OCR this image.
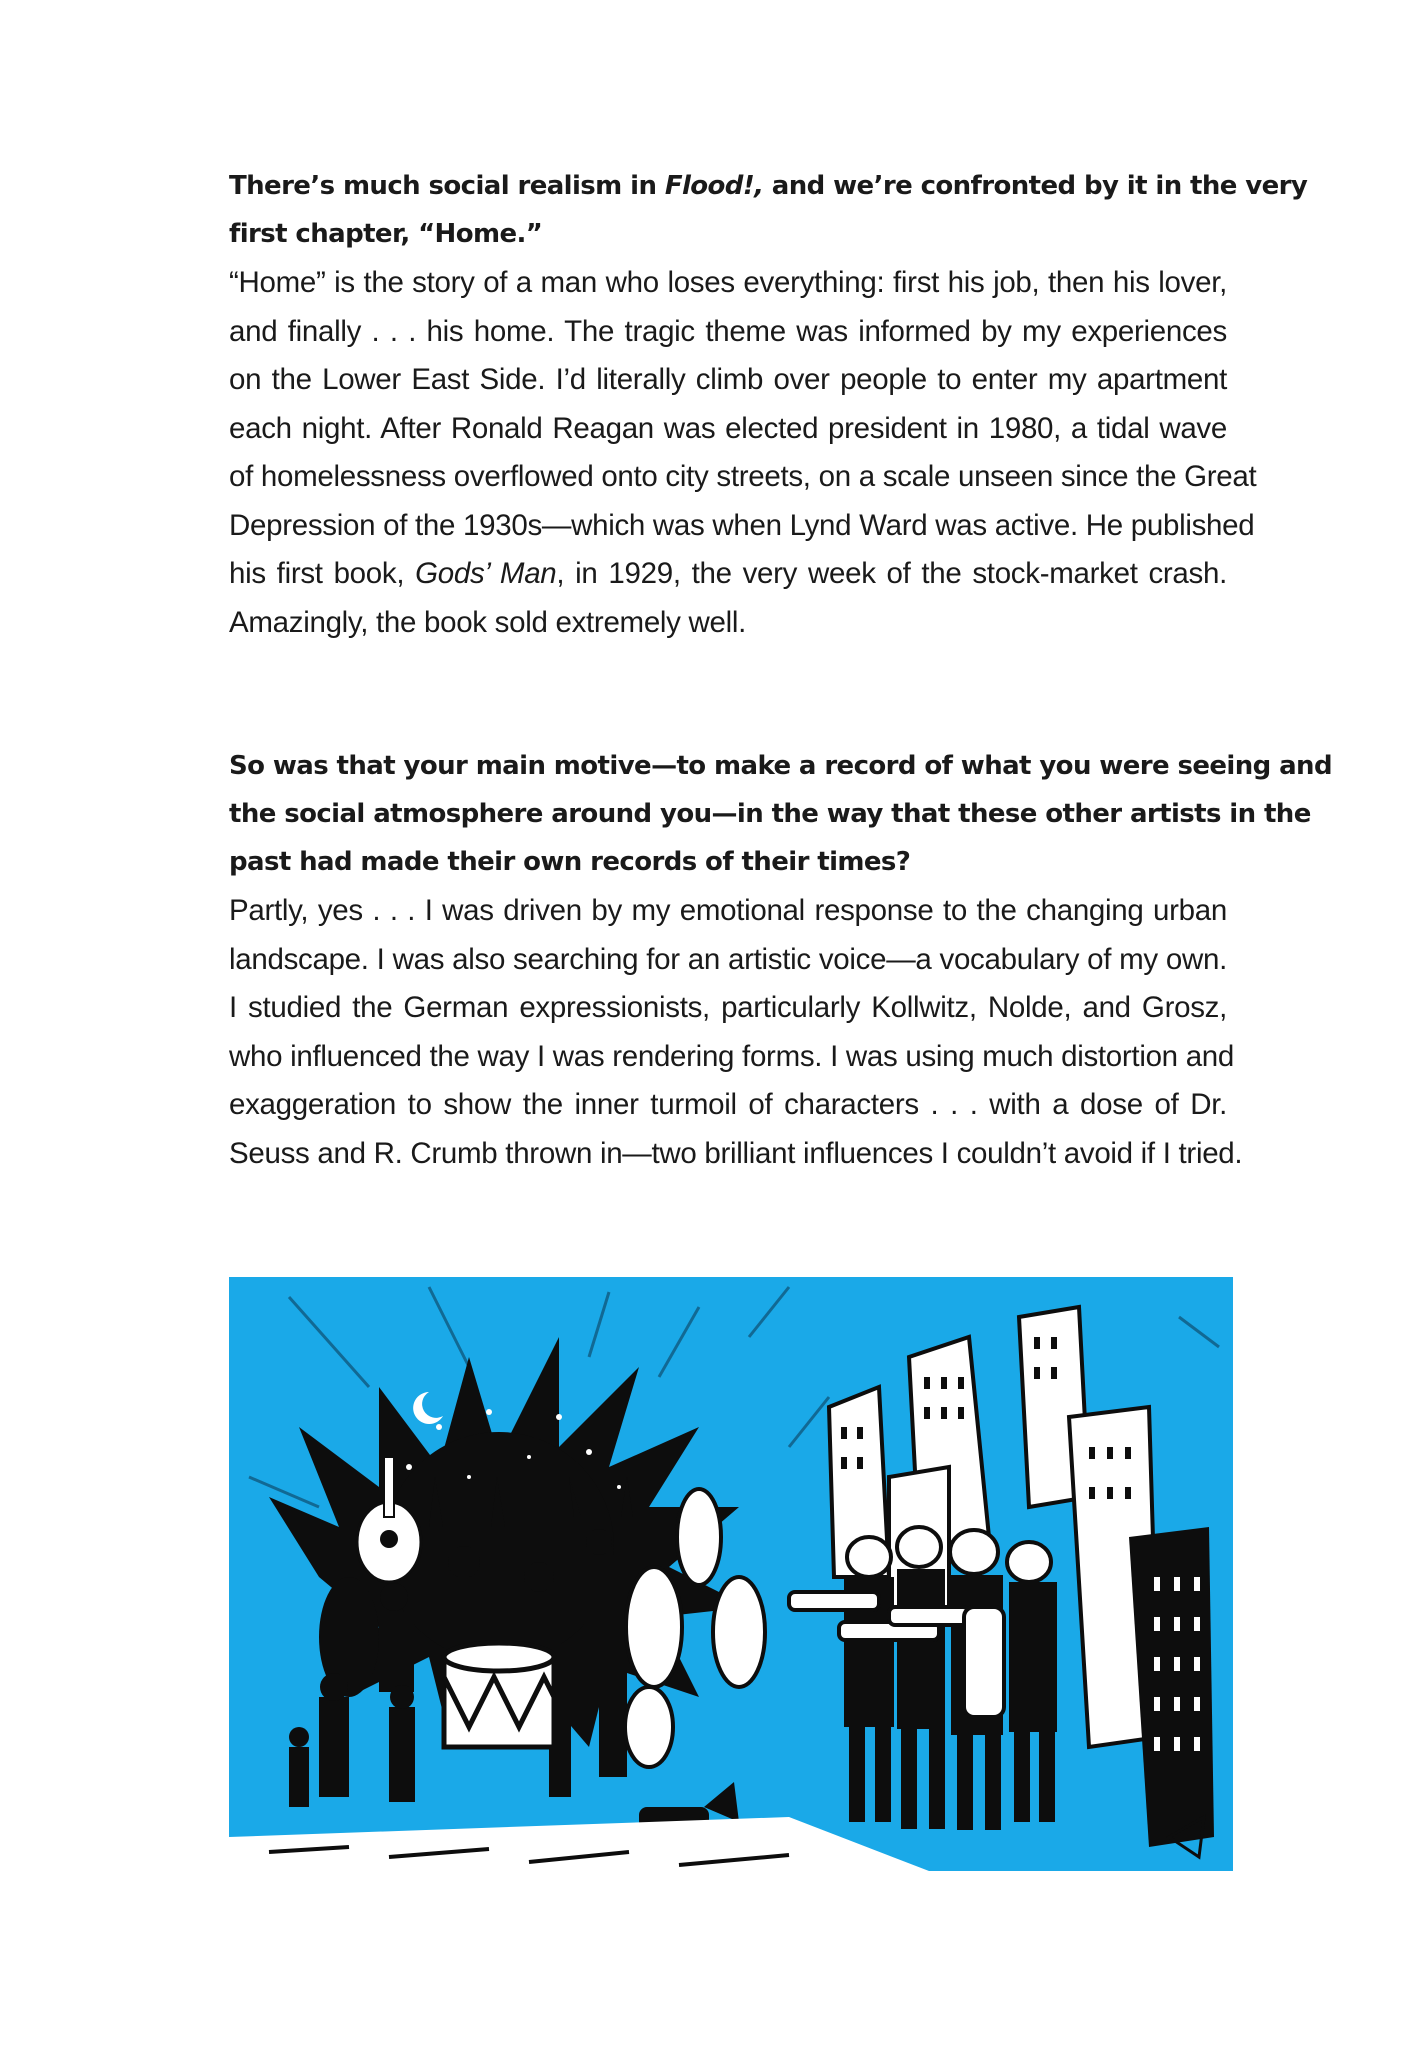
There’s much social realism in Flood!, and we’re confronted by it in the very
first chapter, “Home.”

“Home” is the story of a man who loses everything: first his job, then his lover,
and finally . . . his home. The tragic theme was informed by my experiences
on the Lower East Side. I’d literally climb over people to enter my apartment
each night. After Ronald Reagan was elected president in 1980, a tidal wave
of homelessness overflowed onto city streets, on a scale unseen since the Great
Depression of the 1930s—which was when Lynd Ward was active. He published
his first book, Gods’ Man, in 1929, the very week of the stock-market crash.
Amazingly, the book sold extremely well.

So was that your main motive—to make a record of what you were seeing and
the social atmosphere around you—in the way that these other artists in the
past had made their own records of their times?

Partly, yes . . . I was driven by my emotional response to the changing urban
landscape. I was also searching for an artistic voice—a vocabulary of my own.
I studied the German expressionists, particularly Kollwitz, Nolde, and Grosz,
who influenced the way I was rendering forms. I was using much distortion and
exaggeration to show the inner turmoil of characters . . . with a dose of Dr.
Seuss and R. Crumb thrown in—two brilliant influences I couldn’t avoid if I tried.
